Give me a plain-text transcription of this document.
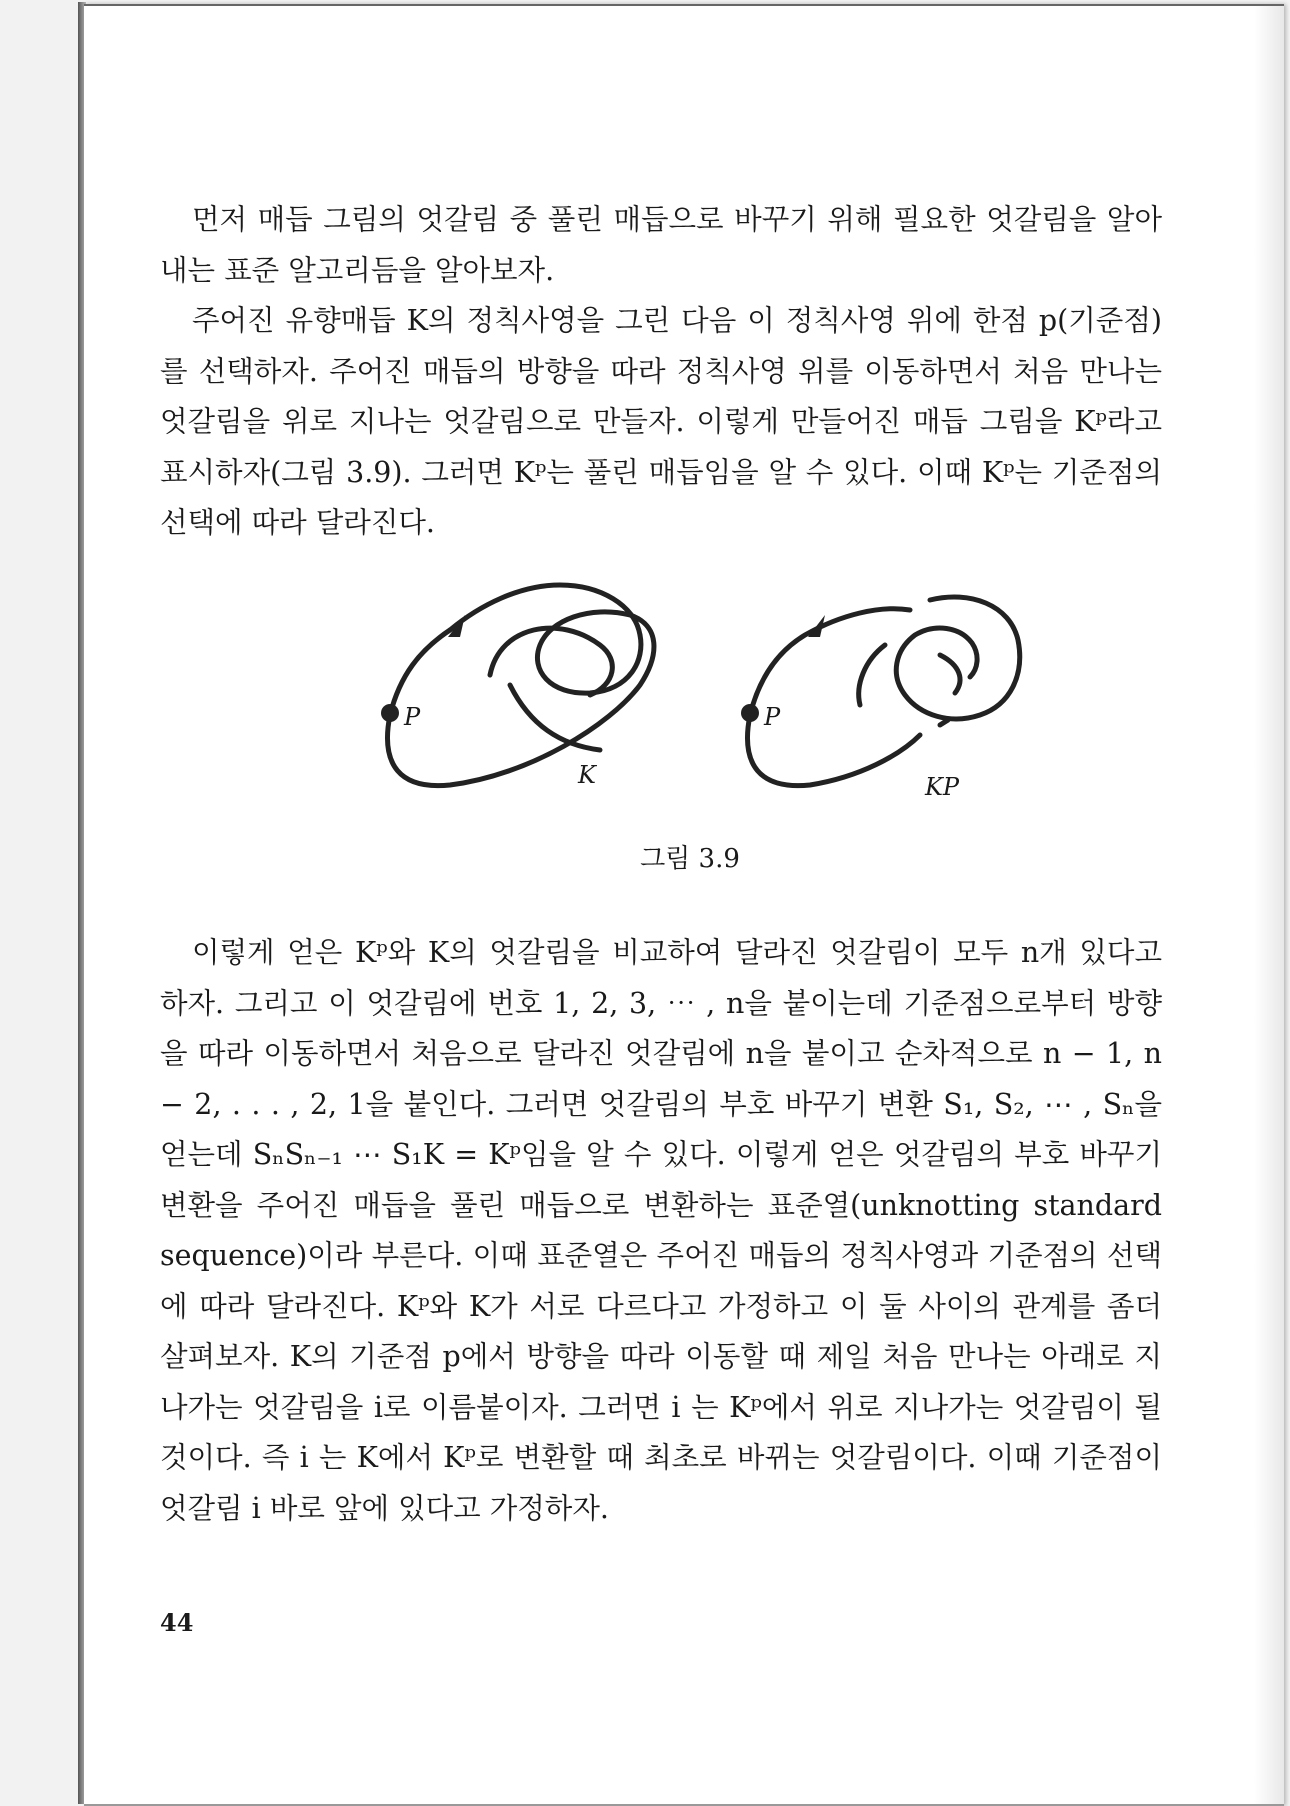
먼저 매듭 그림의 엇갈림 중 풀린 매듭으로 바꾸기 위해 필요한 엇갈림을 알아내는 표준 알고리듬을 알아보자.

주어진 유향매듭 K의 정칙사영을 그린 다음 이 정칙사영 위에 한점 p(기준점)를 선택하자. 주어진 매듭의 방향을 따라 정칙사영 위를 이동하면서 처음 만나는 엇갈림을 위로 지나는 엇갈림으로 만들자. 이렇게 만들어진 매듭 그림을 Kᵖ라고 표시하자(그림 3.9). 그러면 Kᵖ는 풀린 매듭임을 알 수 있다. 이때 Kᵖ는 기준점의 선택에 따라 달라진다.

P
K
P
KP
그림 3.9

이렇게 얻은 Kᵖ와 K의 엇갈림을 비교하여 달라진 엇갈림이 모두 n개 있다고 하자. 그리고 이 엇갈림에 번호 1, 2, 3, ⋯ , n을 붙이는데 기준점으로부터 방향을 따라 이동하면서 처음으로 달라진 엇갈림에 n을 붙이고 순차적으로 n − 1, n − 2, . . . , 2, 1을 붙인다. 그러면 엇갈림의 부호 바꾸기 변환 S₁, S₂, ⋯ , Sₙ을 얻는데 SₙSₙ₋₁ ⋯ S₁K = Kᵖ임을 알 수 있다. 이렇게 얻은 엇갈림의 부호 바꾸기 변환을 주어진 매듭을 풀린 매듭으로 변환하는 표준열(unknotting standard sequence)이라 부른다. 이때 표준열은 주어진 매듭의 정칙사영과 기준점의 선택에 따라 달라진다. Kᵖ와 K가 서로 다르다고 가정하고 이 둘 사이의 관계를 좀더 살펴보자. K의 기준점 p에서 방향을 따라 이동할 때 제일 처음 만나는 아래로 지나가는 엇갈림을 i로 이름붙이자. 그러면 i 는 Kᵖ에서 위로 지나가는 엇갈림이 될 것이다. 즉 i 는 K에서 Kᵖ로 변환할 때 최초로 바뀌는 엇갈림이다. 이때 기준점이 엇갈림 i 바로 앞에 있다고 가정하자.

44
